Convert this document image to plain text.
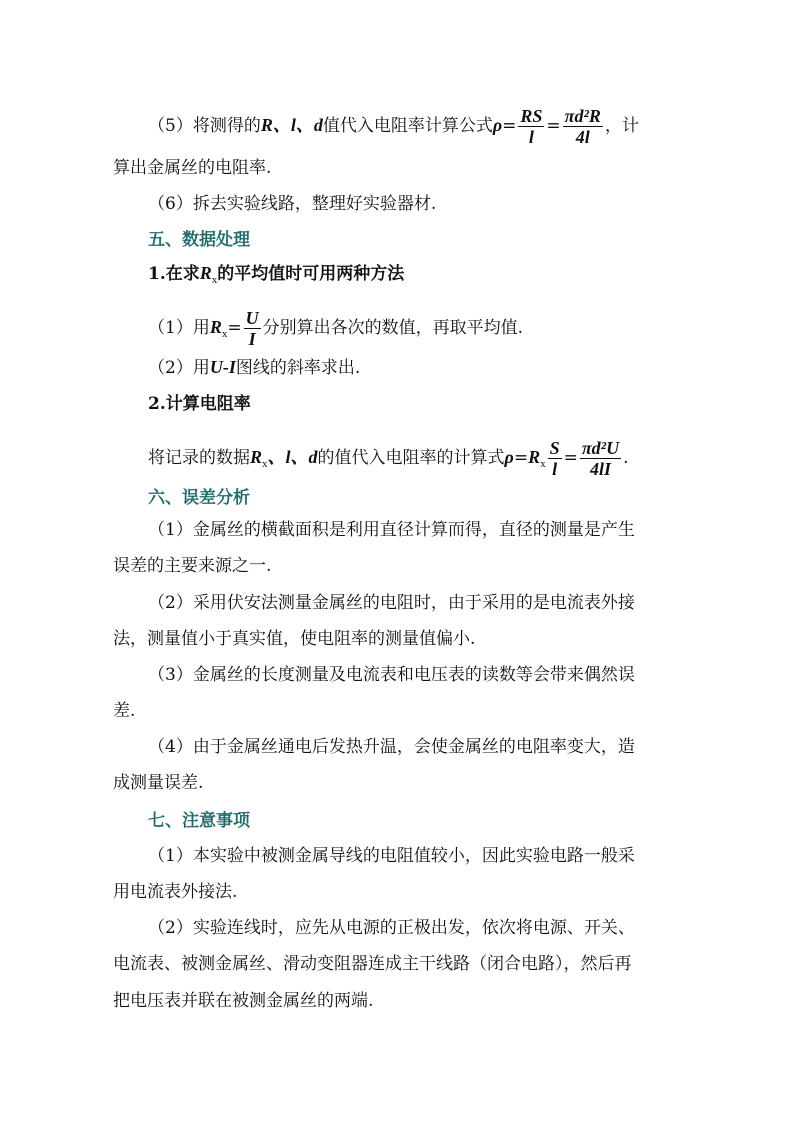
（5）将测得的R、l、d值代入电阻率计算公式$\rho= \frac{RS}{l} = \frac{\text{πd²R}}{4l}$ ，计
算出金属丝的电阻率.
（6）拆去实验线路，整理好实验器材.
五、数据处理
1.在求$R_x$的平均值时可用两种方法
（1）用$R_x= \frac{U}{I}$ 分别算出各次的数值，再取平均值.
（2）用U-I图线的斜率求出.
2.计算电阻率
将记录的数据$R_x$、l、d的值代入电阻率的计算式$\rho=R_x \frac{S}{l} = \frac{\text{πd²U}}{4lI}$ .
六、误差分析
（1）金属丝的横截面积是利用直径计算而得，直径的测量是产生
误差的主要来源之一.
（2）采用伏安法测量金属丝的电阻时，由于采用的是电流表外接
法，测量值小于真实值，使电阻率的测量值偏小.
（3）金属丝的长度测量及电流表和电压表的读数等会带来偶然误
差.
（4）由于金属丝通电后发热升温，会使金属丝的电阻率变大，造
成测量误差.
七、注意事项
（1）本实验中被测金属导线的电阻值较小，因此实验电路一般采
用电流表外接法.
（2）实验连线时，应先从电源的正极出发，依次将电源、开关、
电流表、被测金属丝、滑动变阻器连成主干线路（闭合电路），然后再
把电压表并联在被测金属丝的两端.
